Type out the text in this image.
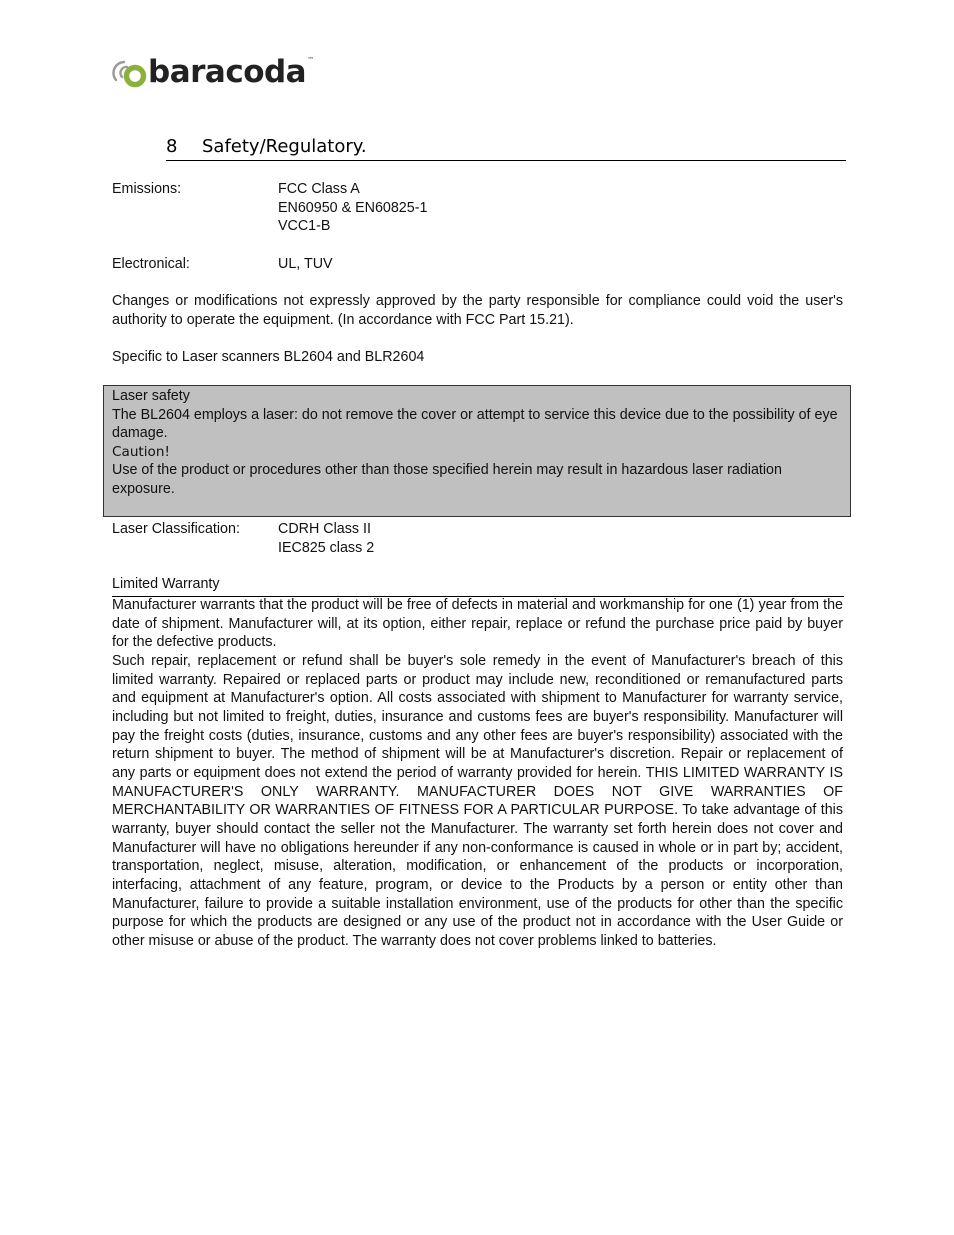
baracoda ™
8 Safety/Regulatory.
Emissions:	FCC Class A
EN60950 & EN60825-1
VCC1-B
Electronical:	UL, TUV
Changes or modifications not expressly approved by the party responsible for compliance could void the user's authority to operate the equipment. (In accordance with FCC Part 15.21).
Specific to Laser scanners BL2604 and BLR2604
Laser safety
The BL2604 employs a laser: do not remove the cover or attempt to service this device due to the possibility of eye damage.
Caution!
Use of the product or procedures other than those specified herein may result in hazardous laser radiation exposure.
Laser Classification:	CDRH Class II
IEC825 class 2
Limited Warranty
Manufacturer warrants that the product will be free of defects in material and workmanship for one (1) year from the date of shipment. Manufacturer will, at its option, either repair, replace or refund the purchase price paid by buyer for the defective products.
Such repair, replacement or refund shall be buyer's sole remedy in the event of Manufacturer's breach of this limited warranty. Repaired or replaced parts or product may include new, reconditioned or remanufactured parts and equipment at Manufacturer's option. All costs associated with shipment to Manufacturer for warranty service, including but not limited to freight, duties, insurance and customs fees are buyer's responsibility. Manufacturer will pay the freight costs (duties, insurance, customs and any other fees are buyer's responsibility) associated with the return shipment to buyer. The method of shipment will be at Manufacturer's discretion. Repair or replacement of any parts or equipment does not extend the period of warranty provided for herein. THIS LIMITED WARRANTY IS MANUFACTURER'S ONLY WARRANTY. MANUFACTURER DOES NOT GIVE WARRANTIES OF MERCHANTABILITY OR WARRANTIES OF FITNESS FOR A PARTICULAR PURPOSE. To take advantage of this warranty, buyer should contact the seller not the Manufacturer. The warranty set forth herein does not cover and Manufacturer will have no obligations hereunder if any non-conformance is caused in whole or in part by; accident, transportation, neglect, misuse, alteration, modification, or enhancement of the products or incorporation, interfacing, attachment of any feature, program, or device to the Products by a person or entity other than Manufacturer, failure to provide a suitable installation environment, use of the products for other than the specific purpose for which the products are designed or any use of the product not in accordance with the User Guide or other misuse or abuse of the product. The warranty does not cover problems linked to batteries.
